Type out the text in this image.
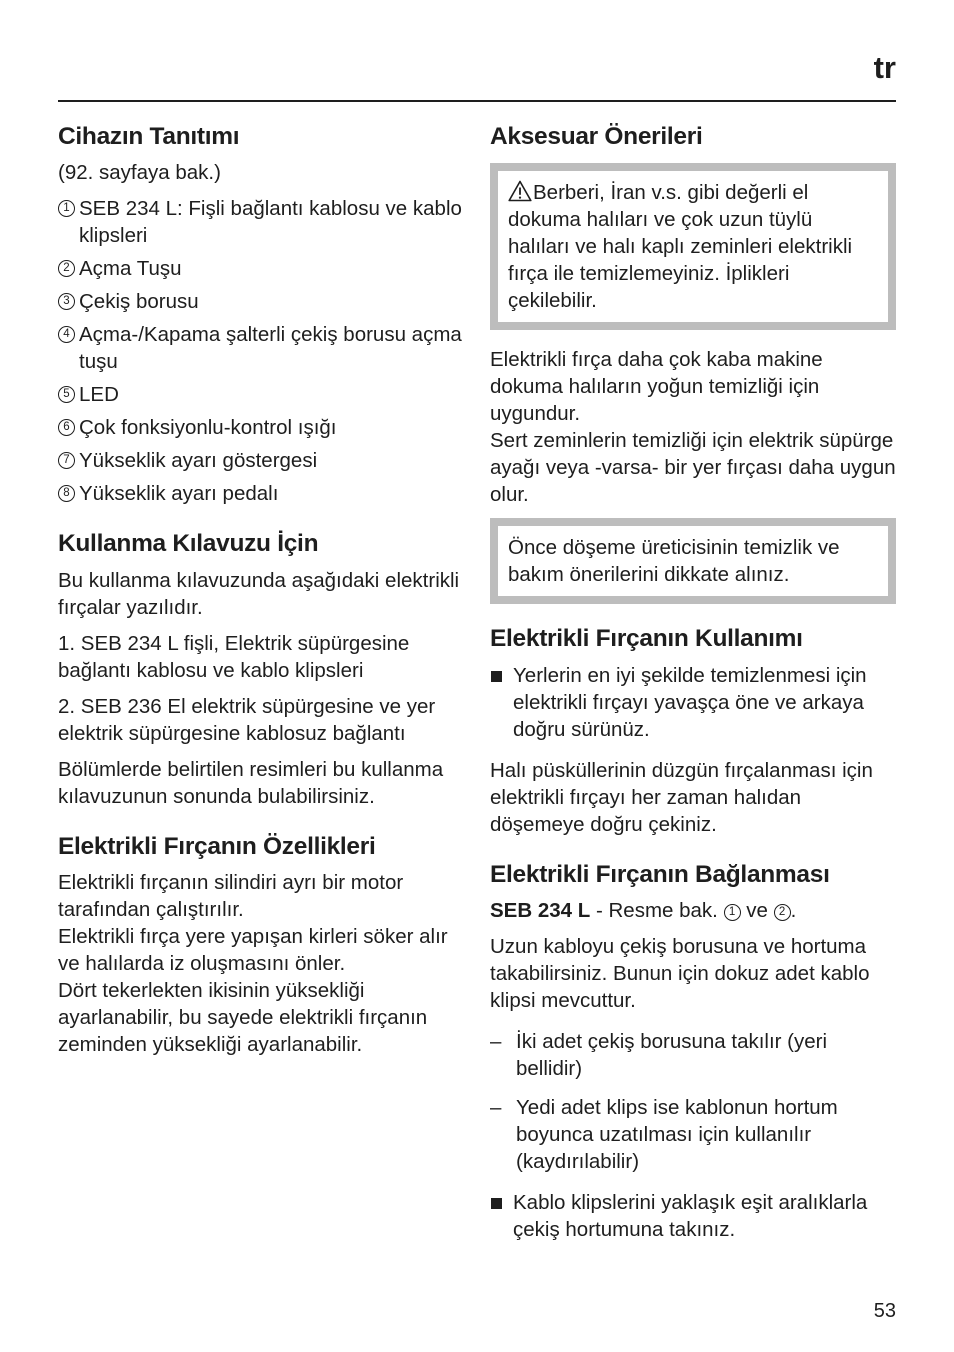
tr
Cihazın Tanıtımı

(92. sayfaya bak.)

1 SEB 234 L: Fişli bağlantı kablosu ve kablo klipsleri
2 Açma Tuşu
3 Çekiş borusu
4 Açma-/Kapama şalterli çekiş borusu açma tuşu
5 LED
6 Çok fonksiyonlu-kontrol ışığı
7 Yükseklik ayarı göstergesi
8 Yükseklik ayarı pedalı
Kullanma Kılavuzu İçin

Bu kullanma kılavuzunda aşağıdaki elektrikli fırçalar yazılıdır.

1. SEB 234 L fişli, Elektrik süpürgesine bağlantı kablosu ve kablo klipsleri

2. SEB 236 El elektrik süpürgesine ve yer elektrik süpürgesine kablosuz bağlantı

Bölümlerde belirtilen resimleri bu kullanma kılavuzunun sonunda bulabilirsiniz.

Elektrikli Fırçanın Özellikleri

Elektrikli fırçanın silindiri ayrı bir motor tarafından çalıştırılır.

Elektrikli fırça yere yapışan kirleri söker alır ve halılarda iz oluşmasını önler.

Dört tekerlekten ikisinin yüksekliği ayarlanabilir, bu sayede elektrikli fırçanın zeminden yüksekliği ayarlanabilir.

Aksesuar Önerileri

Berberi, İran v.s. gibi değerli el dokuma halıları ve çok uzun tüylü halıları ve halı kaplı zeminleri elektrikli fırça ile temizlemeyiniz. İplikleri çekilebilir.

Elektrikli fırça daha çok kaba makine dokuma halıların yoğun temizliği için uygundur.

Sert zeminlerin temizliği için elektrik süpürge ayağı veya -varsa- bir yer fırçası daha uygun olur.

Önce döşeme üreticisinin temizlik ve bakım önerilerini dikkate alınız.

Elektrikli Fırçanın Kullanımı
Yerlerin en iyi şekilde temizlenmesi için elektrikli fırçayı yavaşça öne ve arkaya doğru sürünüz.

Halı püsküllerinin düzgün fırçalanması için elektrikli fırçayı her zaman halıdan döşemeye doğru çekiniz.

Elektrikli Fırçanın Bağlanması

SEB 234 L - Resme bak. 1 ve 2 .

Uzun kabloyu çekiş borusuna ve hortuma takabilirsiniz. Bunun için dokuz adet kablo klipsi mevcuttur.

– İki adet çekiş borusuna takılır (yeri bellidir)
– Yedi adet klips ise kablonun hortum boyunca uzatılması için kullanılır (kaydırılabilir)
Kablo klipslerini yaklaşık eşit aralıklarla çekiş hortumuna takınız.
53
